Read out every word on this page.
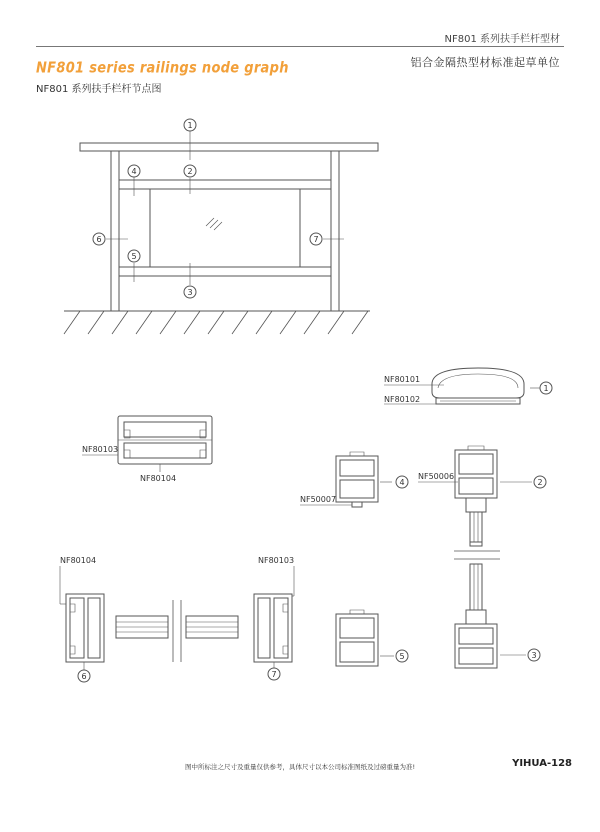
NF801 系列扶手栏杆型材
铝合金隔热型材标准起草单位
NF801 series railings node graph
NF801 系列扶手栏杆节点图
1
2
3
4
5
6	7
1
2
3
4
5
6	7
NF80101
NF80102
NF80103
NF80104	NF50006
NF50007
NF80104	NF80103
图中所标注之尺寸及重量仅供参考，具体尺寸以本公司标准图纸及过磅重量为准!	YIHUA-128
